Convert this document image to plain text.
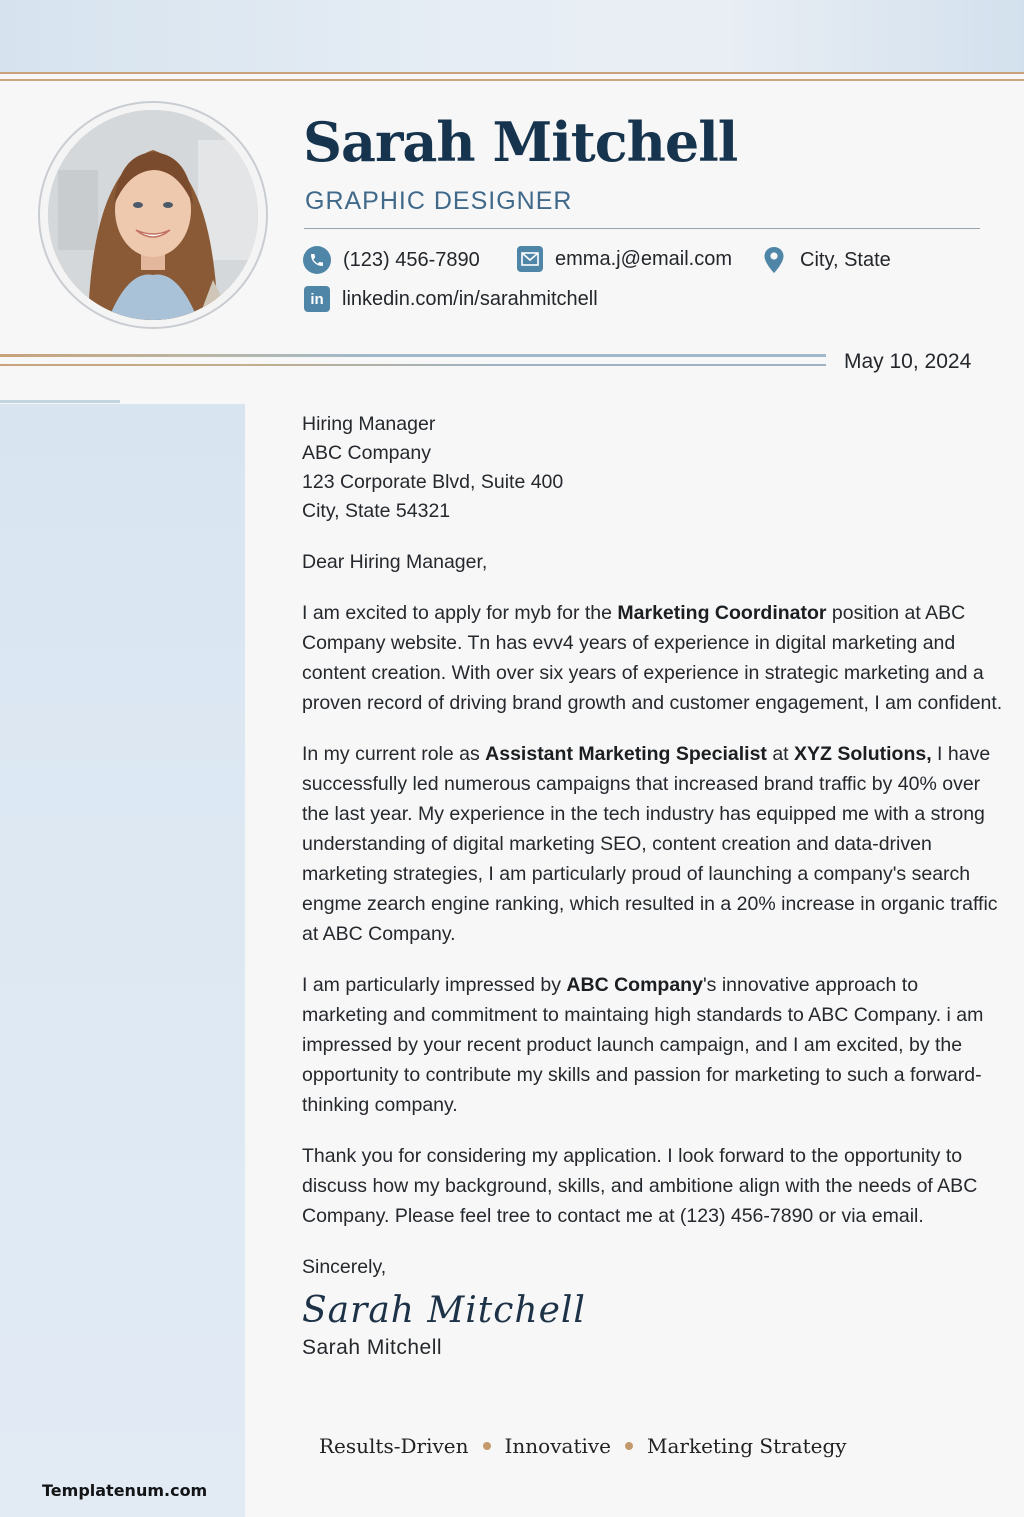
Sarah Mitchell
GRAPHIC DESIGNER
(123) 456-7890	emma.j@email.com	City, State
in linkedin.com/in/sarahmitchell
May 10, 2024
Hiring Manager
ABC Company
123 Corporate Blvd, Suite 400
City, State 54321
Dear Hiring Manager,
I am excited to apply for myb for the Marketing Coordinator position at ABC Company website. Tn has evv4 years of experience in digital marketing and content creation. With over six years of experience in strategic marketing and a proven record of driving brand growth and customer engagement, I am confident.
In my current role as Assistant Marketing Specialist at XYZ Solutions, I have successfully led numerous campaigns that increased brand traffic by 40% over the last year. My experience in the tech industry has equipped me with a strong understanding of digital marketing SEO, content creation and data-driven marketing strategies, I am particularly proud of launching a company's search engme zearch engine ranking, which resulted in a 20% increase in organic traffic at ABC Company.
I am particularly impressed by ABC Company's innovative approach to marketing and commitment to maintaing high standards to ABC Company. i am impressed by your recent product launch campaign, and I am excited, by the opportunity to contribute my skills and passion for marketing to such a forward-thinking company.
Thank you for considering my application. I look forward to the opportunity to discuss how my background, skills, and ambitione align with the needs of ABC Company. Please feel tree to contact me at (123) 456-7890 or via email.
Sincerely,
Sarah Mitchell
Sarah Mitchell
Results-Driven Innovative Marketing Strategy
Templatenum.com
